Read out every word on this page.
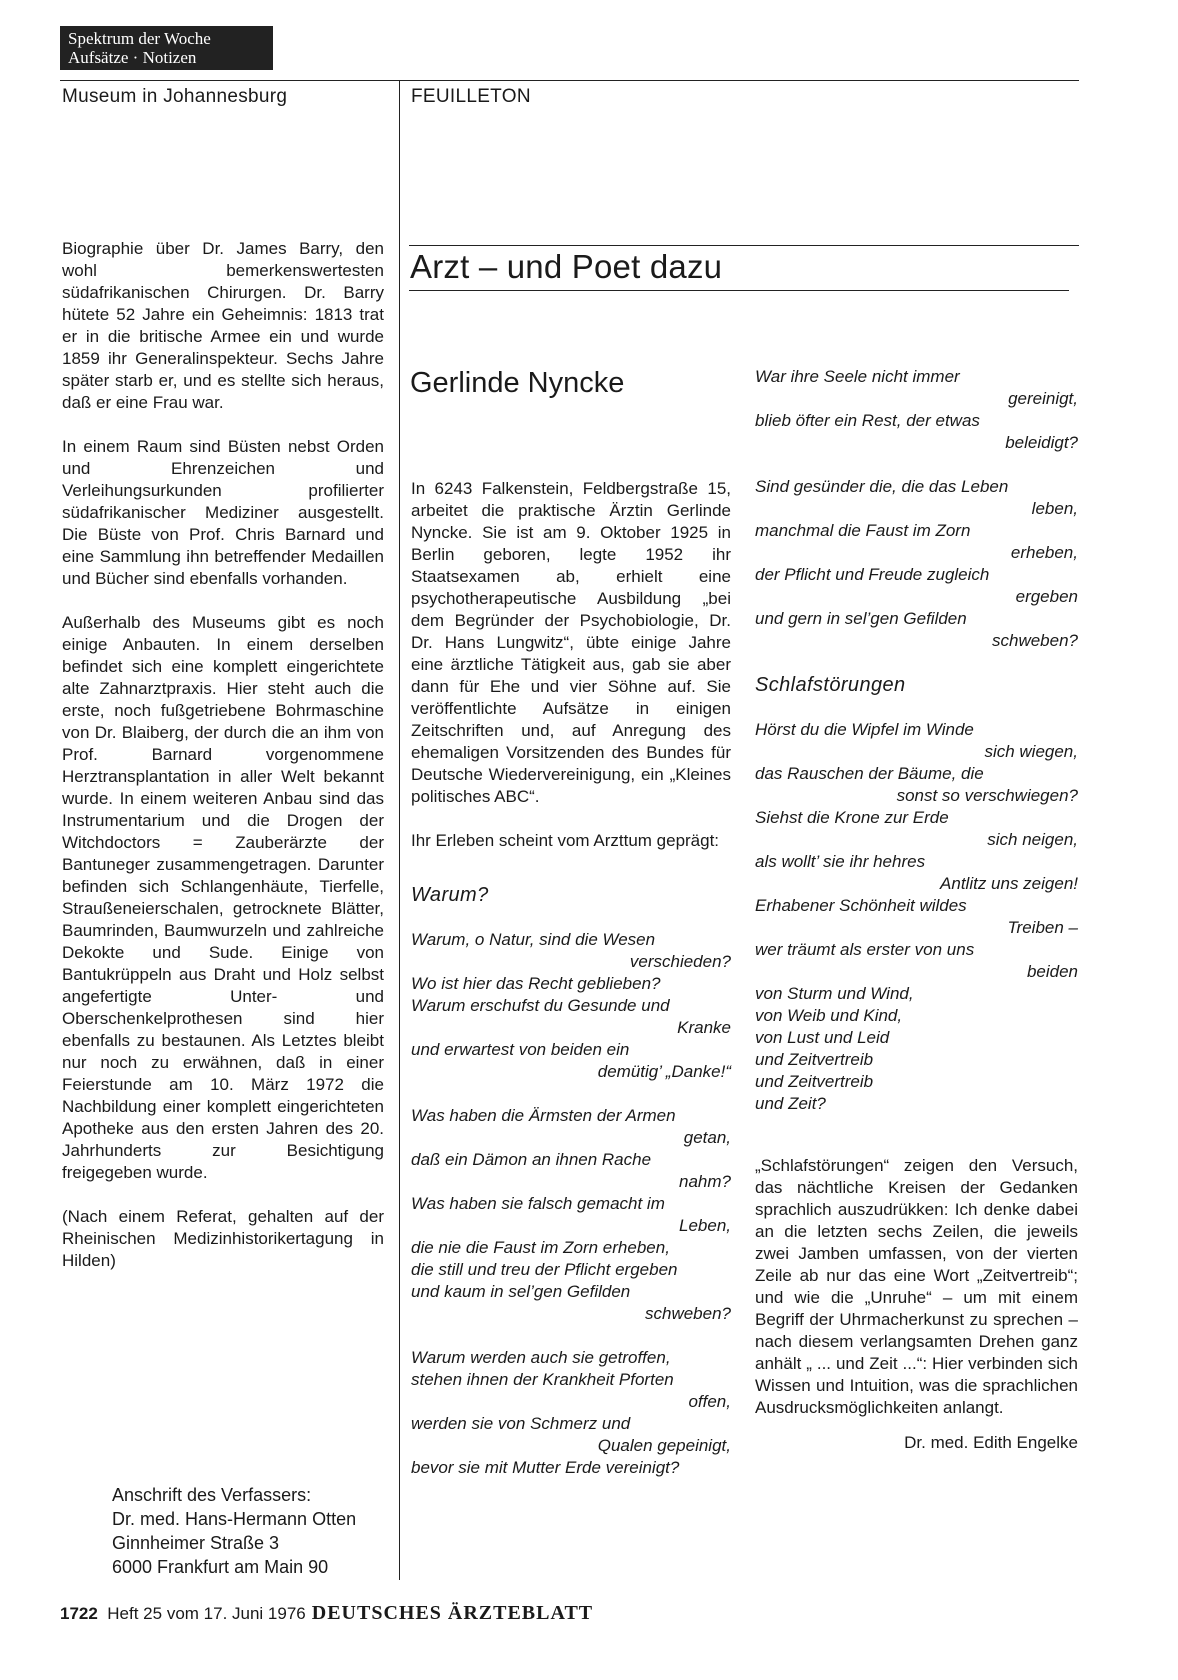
Spektrum der Woche
Aufsätze · Notizen
Museum in Johannesburg	FEUILLETON

Biographie über Dr. James Barry, den wohl bemerkenswertesten südafrikanischen Chirurgen. Dr. Barry hütete 52 Jahre ein Geheimnis: 1813 trat er in die britische Armee ein und wurde 1859 ihr Generalinspekteur. Sechs Jahre später starb er, und es stellte sich heraus, daß er eine Frau war.

In einem Raum sind Büsten nebst Orden und Ehrenzeichen und Verleihungsurkunden profilierter südafrikanischer Mediziner ausgestellt. Die Büste von Prof. Chris Barnard und eine Sammlung ihn betreffender Medaillen und Bücher sind ebenfalls vorhanden.

Außerhalb des Museums gibt es noch einige Anbauten. In einem derselben befindet sich eine komplett eingerichtete alte Zahnarztpraxis. Hier steht auch die erste, noch fußgetriebene Bohrmaschine von Dr. Blaiberg, der durch die an ihm von Prof. Barnard vorgenommene Herztransplantation in aller Welt bekannt wurde. In einem weiteren Anbau sind das Instrumentarium und die Drogen der Witchdoctors = Zauberärzte der Bantuneger zusammengetragen. Darunter befinden sich Schlangenhäute, Tierfelle, Straußeneierschalen, getrocknete Blätter, Baumrinden, Baumwurzeln und zahlreiche Dekokte und Sude. Einige von Bantukrüppeln aus Draht und Holz selbst angefertigte Unter- und Oberschenkelprothesen sind hier ebenfalls zu bestaunen. Als Letztes bleibt nur noch zu erwähnen, daß in einer Feierstunde am 10. März 1972 die Nachbildung einer komplett eingerichteten Apotheke aus den ersten Jahren des 20. Jahrhunderts zur Besichtigung freigegeben wurde.

(Nach einem Referat, gehalten auf der Rheinischen Medizinhistorikertagung in Hilden)

Anschrift des Verfassers:
Dr. med. Hans-Hermann Otten
Ginnheimer Straße 3
6000 Frankfurt am Main 90
Arzt – und Poet dazu
Gerlinde Nyncke

In 6243 Falkenstein, Feldbergstraße 15, arbeitet die praktische Ärztin Gerlinde Nyncke. Sie ist am 9. Oktober 1925 in Berlin geboren, legte 1952 ihr Staatsexamen ab, erhielt eine psychotherapeutische Ausbildung „bei dem Begründer der Psychobiologie, Dr. Dr. Hans Lungwitz“, übte einige Jahre eine ärztliche Tätigkeit aus, gab sie aber dann für Ehe und vier Söhne auf. Sie veröffentlichte Aufsätze in einigen Zeitschriften und, auf Anregung des ehemaligen Vorsitzenden des Bundes für Deutsche Wiedervereinigung, ein „Kleines politisches ABC“.

Ihr Erleben scheint vom Arzttum geprägt:

Warum?
Warum, o Natur, sind die Wesen
verschieden?
Wo ist hier das Recht geblieben?
Warum erschufst du Gesunde und
Kranke
und erwartest von beiden ein
demütig’ „Danke!“
Was haben die Ärmsten der Armen
getan,
daß ein Dämon an ihnen Rache
nahm?
Was haben sie falsch gemacht im
Leben,
die nie die Faust im Zorn erheben,
die still und treu der Pflicht ergeben
und kaum in sel’gen Gefilden
schweben?
Warum werden auch sie getroffen,
stehen ihnen der Krankheit Pforten
offen,
werden sie von Schmerz und
Qualen gepeinigt,
bevor sie mit Mutter Erde vereinigt?
War ihre Seele nicht immer
gereinigt,
blieb öfter ein Rest, der etwas
beleidigt?
Sind gesünder die, die das Leben
leben,
manchmal die Faust im Zorn
erheben,
der Pflicht und Freude zugleich
ergeben
und gern in sel’gen Gefilden
schweben?
Schlafstörungen
Hörst du die Wipfel im Winde
sich wiegen,
das Rauschen der Bäume, die
sonst so verschwiegen?
Siehst die Krone zur Erde
sich neigen,
als wollt’ sie ihr hehres
Antlitz uns zeigen!
Erhabener Schönheit wildes
Treiben –
wer träumt als erster von uns
beiden
von Sturm und Wind,
von Weib und Kind,
von Lust und Leid
und Zeitvertreib
und Zeitvertreib
und Zeit?

„Schlafstörungen“ zeigen den Versuch, das nächtliche Kreisen der Gedanken sprachlich auszudrükken: Ich denke dabei an die letzten sechs Zeilen, die jeweils zwei Jamben umfassen, von der vierten Zeile ab nur das eine Wort „Zeitvertreib“; und wie die „Unruhe“ – um mit einem Begriff der Uhrmacherkunst zu sprechen – nach diesem verlangsamten Drehen ganz anhält „ ... und Zeit ...“: Hier verbinden sich Wissen und Intuition, was die sprachlichen Ausdrucksmöglichkeiten anlangt.

Dr. med. Edith Engelke
1722 Heft 25 vom 17. Juni 1976 DEUTSCHES ÄRZTEBLATT
